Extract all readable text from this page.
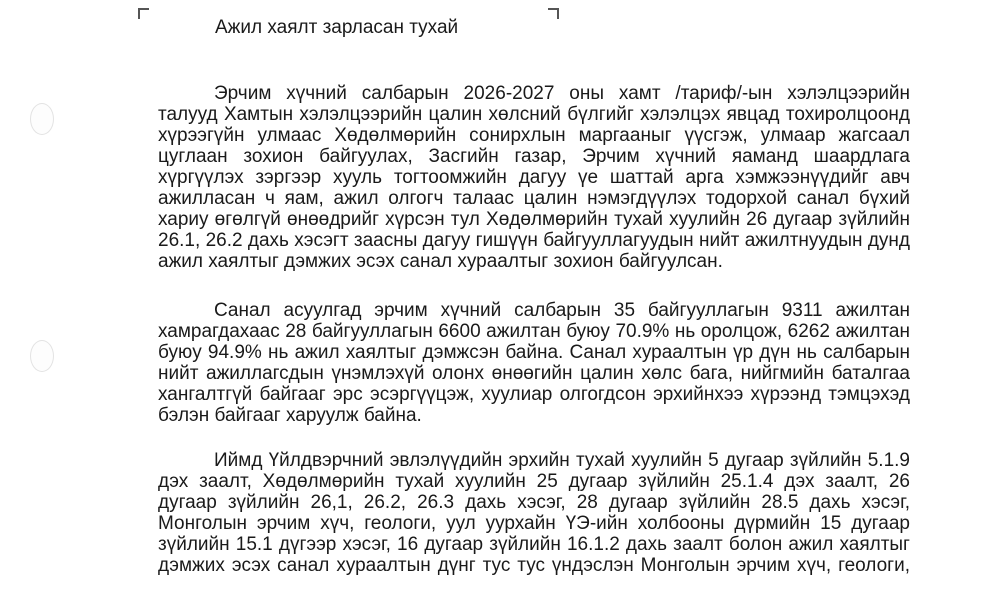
Ажил хаялт зарласан тухай
Эрчим хүчний салбарын 2026-2027 оны хамт /тариф/-ын хэлэлцээрийн
талууд Хамтын хэлэлцээрийн цалин хөлсний бүлгийг хэлэлцэх явцад тохиролцоонд
хүрээгүйн улмаас Хөдөлмөрийн сонирхлын маргааныг үүсгэж, улмаар жагсаал
цуглаан зохион байгуулах, Засгийн газар, Эрчим хүчний яаманд шаардлага
хүргүүлэх зэргээр хууль тогтоомжийн дагуу үе шаттай арга хэмжээнүүдийг авч
ажилласан ч яам, ажил олгогч талаас цалин нэмэгдүүлэх тодорхой санал бүхий
хариу өгөлгүй өнөөдрийг хүрсэн тул Хөдөлмөрийн тухай хуулийн 26 дугаар зүйлийн
26.1, 26.2 дахь хэсэгт заасны дагуу гишүүн байгууллагуудын нийт ажилтнуудын дунд
ажил хаялтыг дэмжих эсэх санал хураалтыг зохион байгуулсан.
Санал асуулгад эрчим хүчний салбарын 35 байгууллагын 9311 ажилтан
хамрагдахаас 28 байгууллагын 6600 ажилтан буюу 70.9% нь оролцож, 6262 ажилтан
буюу 94.9% нь ажил хаялтыг дэмжсэн байна. Санал хураалтын үр дүн нь салбарын
нийт ажиллагсдын үнэмлэхүй олонх өнөөгийн цалин хөлс бага, нийгмийн баталгаа
хангалтгүй байгааг эрс эсэргүүцэж, хуулиар олгогдсон эрхийнхээ хүрээнд тэмцэхэд
бэлэн байгааг харуулж байна.
Иймд Үйлдвэрчний эвлэлүүдийн эрхийн тухай хуулийн 5 дугаар зүйлийн 5.1.9
дэх заалт, Хөдөлмөрийн тухай хуулийн 25 дугаар зүйлийн 25.1.4 дэх заалт, 26
дугаар зүйлийн 26,1, 26.2, 26.3 дахь хэсэг, 28 дугаар зүйлийн 28.5 дахь хэсэг,
Монголын эрчим хүч, геологи, уул уурхайн ҮЭ-ийн холбооны дүрмийн 15 дугаар
зүйлийн 15.1 дүгээр хэсэг, 16 дугаар зүйлийн 16.1.2 дахь заалт болон ажил хаялтыг
дэмжих эсэх санал хураалтын дүнг тус тус үндэслэн Монголын эрчим хүч, геологи,
